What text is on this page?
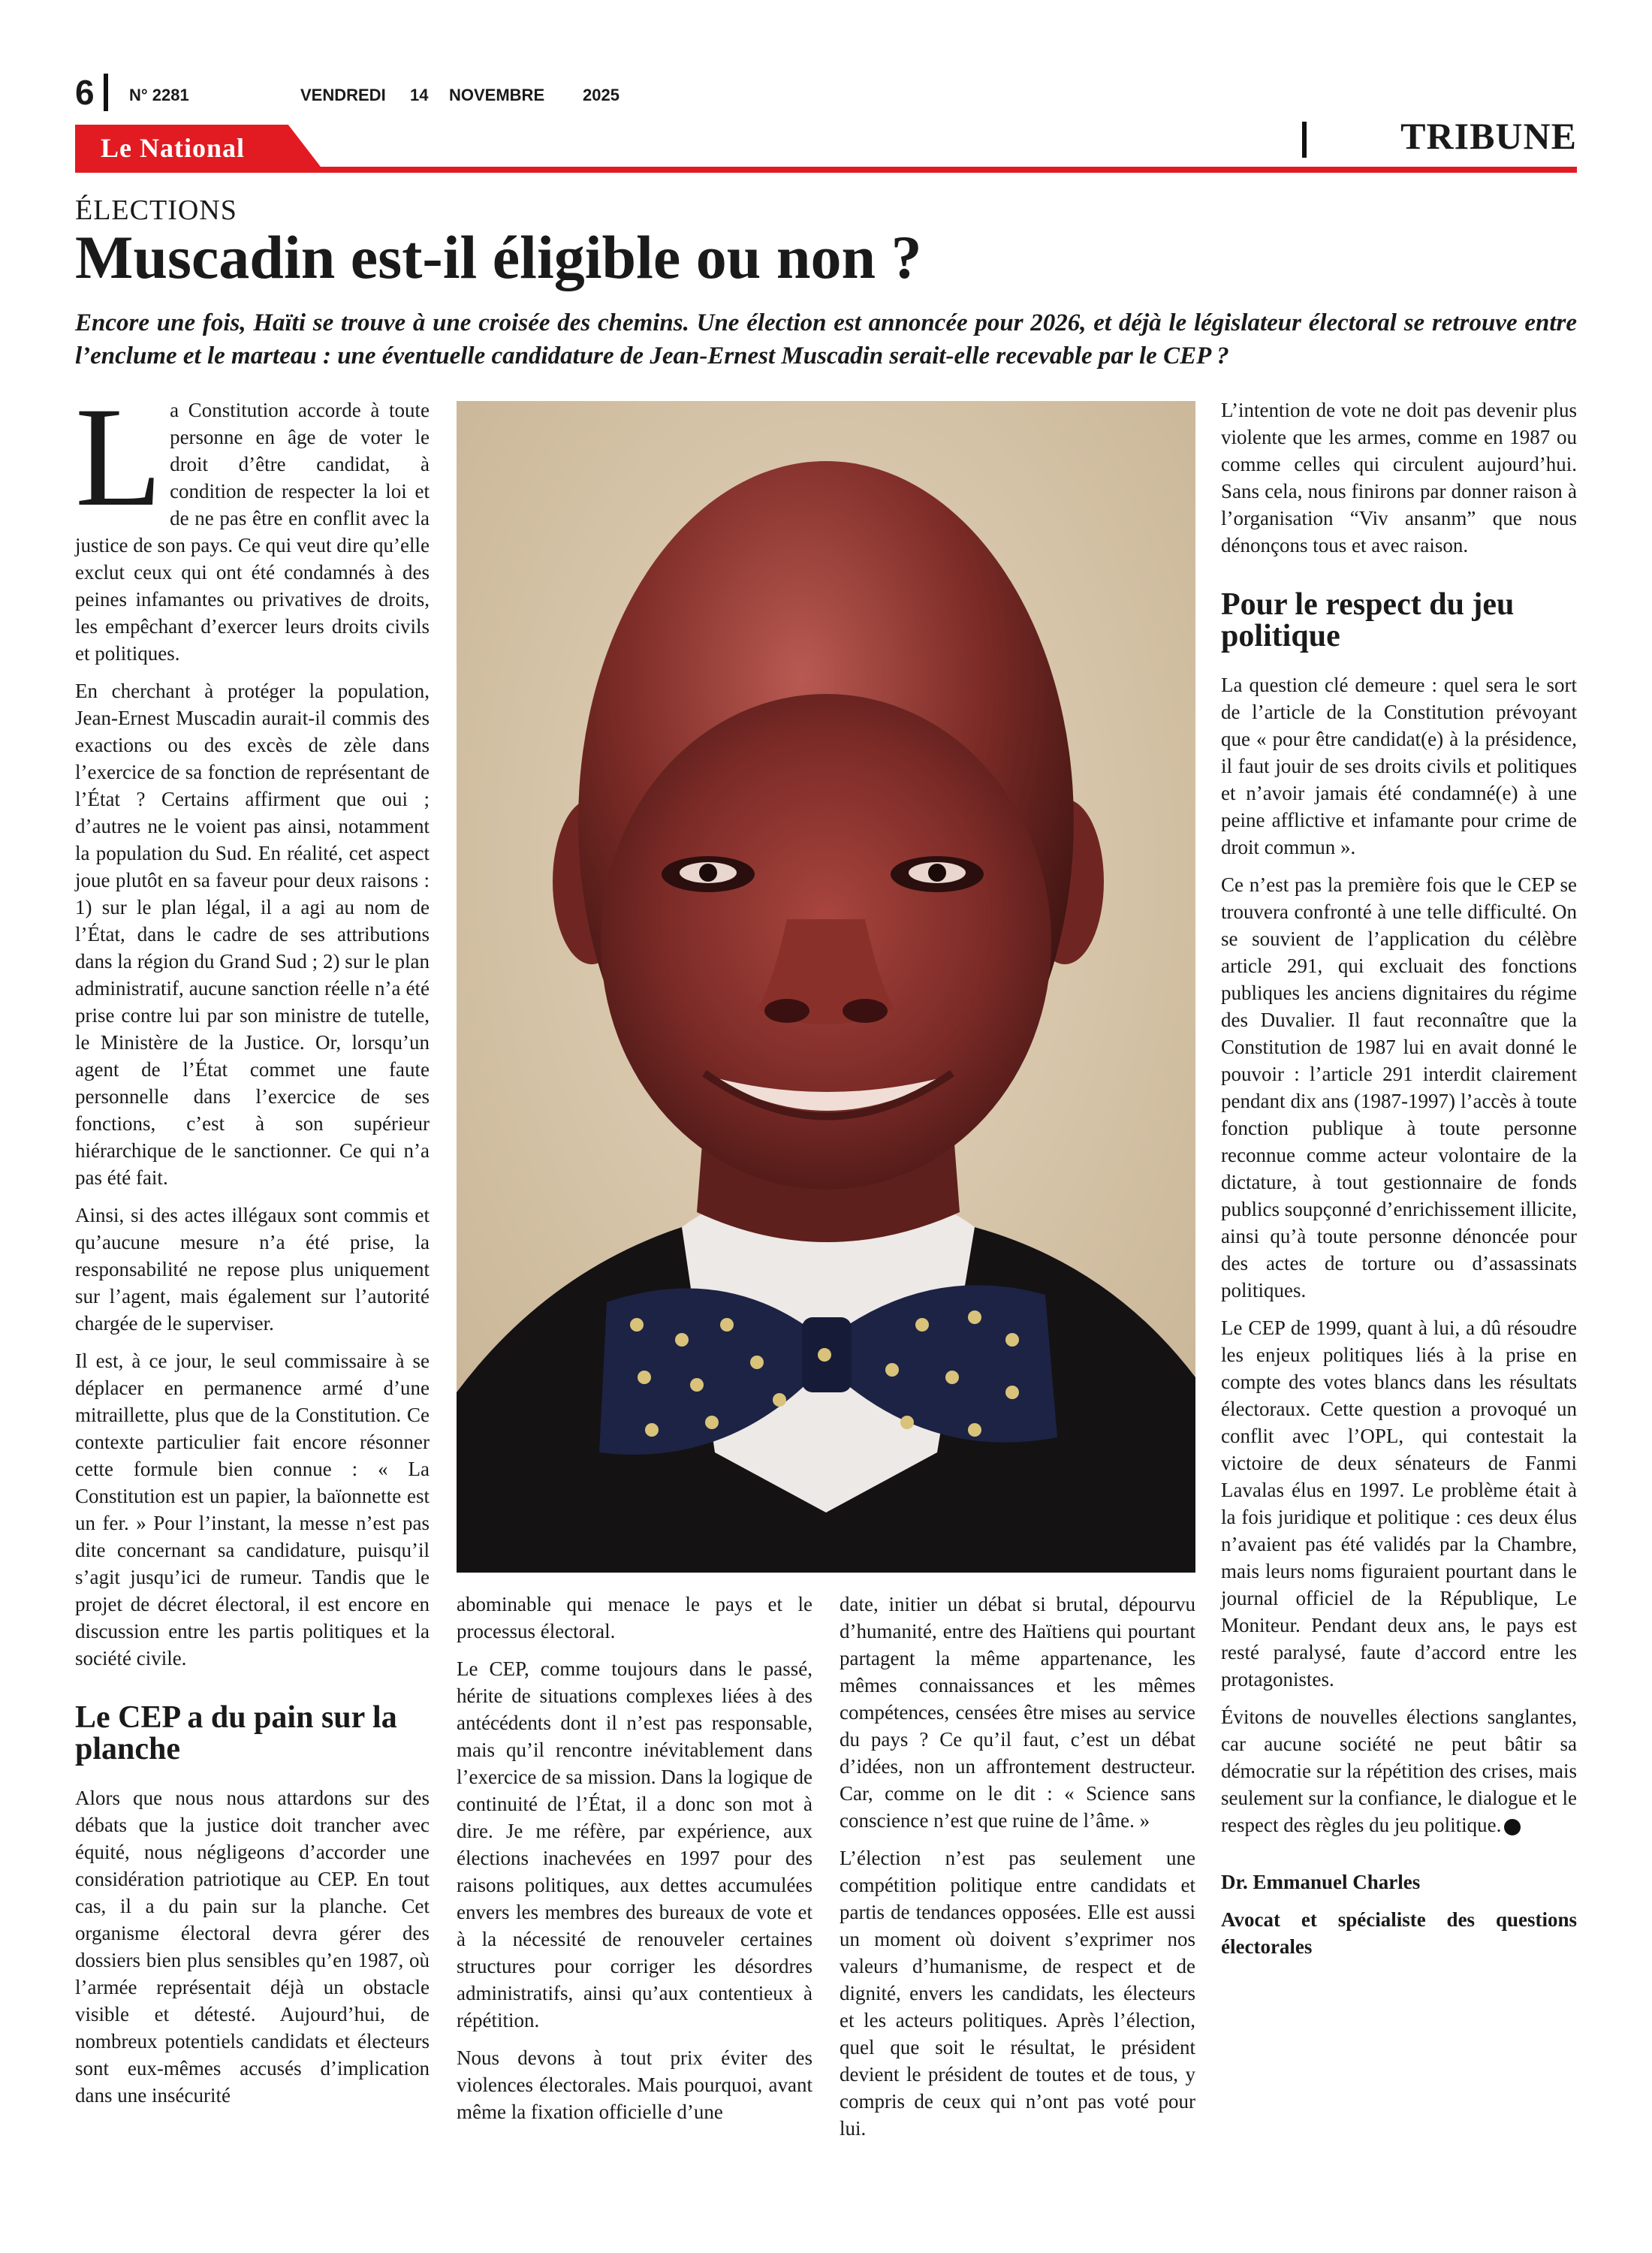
6 N° 2281	VENDREDI 14 NOVEMBRE 2025
Le National	TRIBUNE
ÉLECTIONS
Muscadin est-il éligible ou non ?
Encore une fois, Haïti se trouve à une croisée des chemins. Une élection est annoncée pour 2026, et déjà le législateur électoral se retrouve entre l’enclume et le marteau : une éventuelle candidature de Jean-Ernest Muscadin serait-elle recevable par le CEP ?

La Constitution accorde à toute personne en âge de voter le droit d’être candidat, à condition de respecter la loi et de ne pas être en conflit avec la justice de son pays. Ce qui veut dire qu’elle exclut ceux qui ont été condamnés à des peines infamantes ou privatives de droits, les empêchant d’exercer leurs droits civils et politiques.

En cherchant à protéger la population, Jean-Ernest Muscadin aurait-il commis des exactions ou des excès de zèle dans l’exercice de sa fonction de représentant de l’État ? Certains affirment que oui ; d’autres ne le voient pas ainsi, notamment la population du Sud. En réalité, cet aspect joue plutôt en sa faveur pour deux raisons : 1) sur le plan légal, il a agi au nom de l’État, dans le cadre de ses attributions dans la région du Grand Sud ; 2) sur le plan administratif, aucune sanction réelle n’a été prise contre lui par son ministre de tutelle, le Ministère de la Justice. Or, lorsqu’un agent de l’État commet une faute personnelle dans l’exercice de ses fonctions, c’est à son supérieur hiérarchique de le sanctionner. Ce qui n’a pas été fait.

Ainsi, si des actes illégaux sont commis et qu’aucune mesure n’a été prise, la responsabilité ne repose plus uniquement sur l’agent, mais également sur l’autorité chargée de le superviser.

Il est, à ce jour, le seul commissaire à se déplacer en permanence armé d’une mitraillette, plus que de la Constitution. Ce contexte particulier fait encore résonner cette formule bien connue : « La Constitution est un papier, la baïonnette est un fer. » Pour l’instant, la messe n’est pas dite concernant sa candidature, puisqu’il s’agit jusqu’ici de rumeur. Tandis que le projet de décret électoral, il est encore en discussion entre les partis politiques et la société civile.

Le CEP a du pain sur la planche

Alors que nous nous attardons sur des débats que la justice doit trancher avec équité, nous négligeons d’accorder une considération patriotique au CEP. En tout cas, il a du pain sur la planche. Cet organisme électoral devra gérer des dossiers bien plus sensibles qu’en 1987, où l’armée représentait déjà un obstacle visible et détesté. Aujourd’hui, de nombreux potentiels candidats et électeurs sont eux-mêmes accusés d’implication dans une insécurité

abominable qui menace le pays et le processus électoral.

Le CEP, comme toujours dans le passé, hérite de situations complexes liées à des antécédents dont il n’est pas responsable, mais qu’il rencontre inévitablement dans l’exercice de sa mission. Dans la logique de continuité de l’État, il a donc son mot à dire. Je me réfère, par expérience, aux élections inachevées en 1997 pour des raisons politiques, aux dettes accumulées envers les membres des bureaux de vote et à la nécessité de renouveler certaines structures pour corriger les désordres administratifs, ainsi qu’aux contentieux à répétition.

Nous devons à tout prix éviter des violences électorales. Mais pourquoi, avant même la fixation officielle d’une

date, initier un débat si brutal, dépourvu d’humanité, entre des Haïtiens qui pourtant partagent la même appartenance, les mêmes connaissances et les mêmes compétences, censées être mises au service du pays ? Ce qu’il faut, c’est un débat d’idées, non un affrontement destructeur. Car, comme on le dit : « Science sans conscience n’est que ruine de l’âme. »

L’élection n’est pas seulement une compétition politique entre candidats et partis de tendances opposées. Elle est aussi un moment où doivent s’exprimer nos valeurs d’humanisme, de respect et de dignité, envers les candidats, les électeurs et les acteurs politiques. Après l’élection, quel que soit le résultat, le président devient le président de toutes et de tous, y compris de ceux qui n’ont pas voté pour lui.

L’intention de vote ne doit pas devenir plus violente que les armes, comme en 1987 ou comme celles qui circulent aujourd’hui. Sans cela, nous finirons par donner raison à l’organisation “Viv ansanm” que nous dénonçons tous et avec raison.

Pour le respect du jeu politique

La question clé demeure : quel sera le sort de l’article de la Constitution prévoyant que « pour être candidat(e) à la présidence, il faut jouir de ses droits civils et politiques et n’avoir jamais été condamné(e) à une peine afflictive et infamante pour crime de droit commun ».

Ce n’est pas la première fois que le CEP se trouvera confronté à une telle difficulté. On se souvient de l’application du célèbre article 291, qui excluait des fonctions publiques les anciens dignitaires du régime des Duvalier. Il faut reconnaître que la Constitution de 1987 lui en avait donné le pouvoir : l’article 291 interdit clairement pendant dix ans (1987-1997) l’accès à toute fonction publique à toute personne reconnue comme acteur volontaire de la dictature, à tout gestionnaire de fonds publics soupçonné d’enrichissement illicite, ainsi qu’à toute personne dénoncée pour des actes de torture ou d’assassinats politiques.

Le CEP de 1999, quant à lui, a dû résoudre les enjeux politiques liés à la prise en compte des votes blancs dans les résultats électoraux. Cette question a provoqué un conflit avec l’OPL, qui contestait la victoire de deux sénateurs de Fanmi Lavalas élus en 1997. Le problème était à la fois juridique et politique : ces deux élus n’avaient pas été validés par la Chambre, mais leurs noms figuraient pourtant dans le journal officiel de la République, Le Moniteur. Pendant deux ans, le pays est resté paralysé, faute d’accord entre les protagonistes.

Évitons de nouvelles élections sanglantes, car aucune société ne peut bâtir sa démocratie sur la répétition des crises, mais seulement sur la confiance, le dialogue et le respect des règles du jeu politique.

Dr. Emmanuel Charles

Avocat et spécialiste des questions électorales
